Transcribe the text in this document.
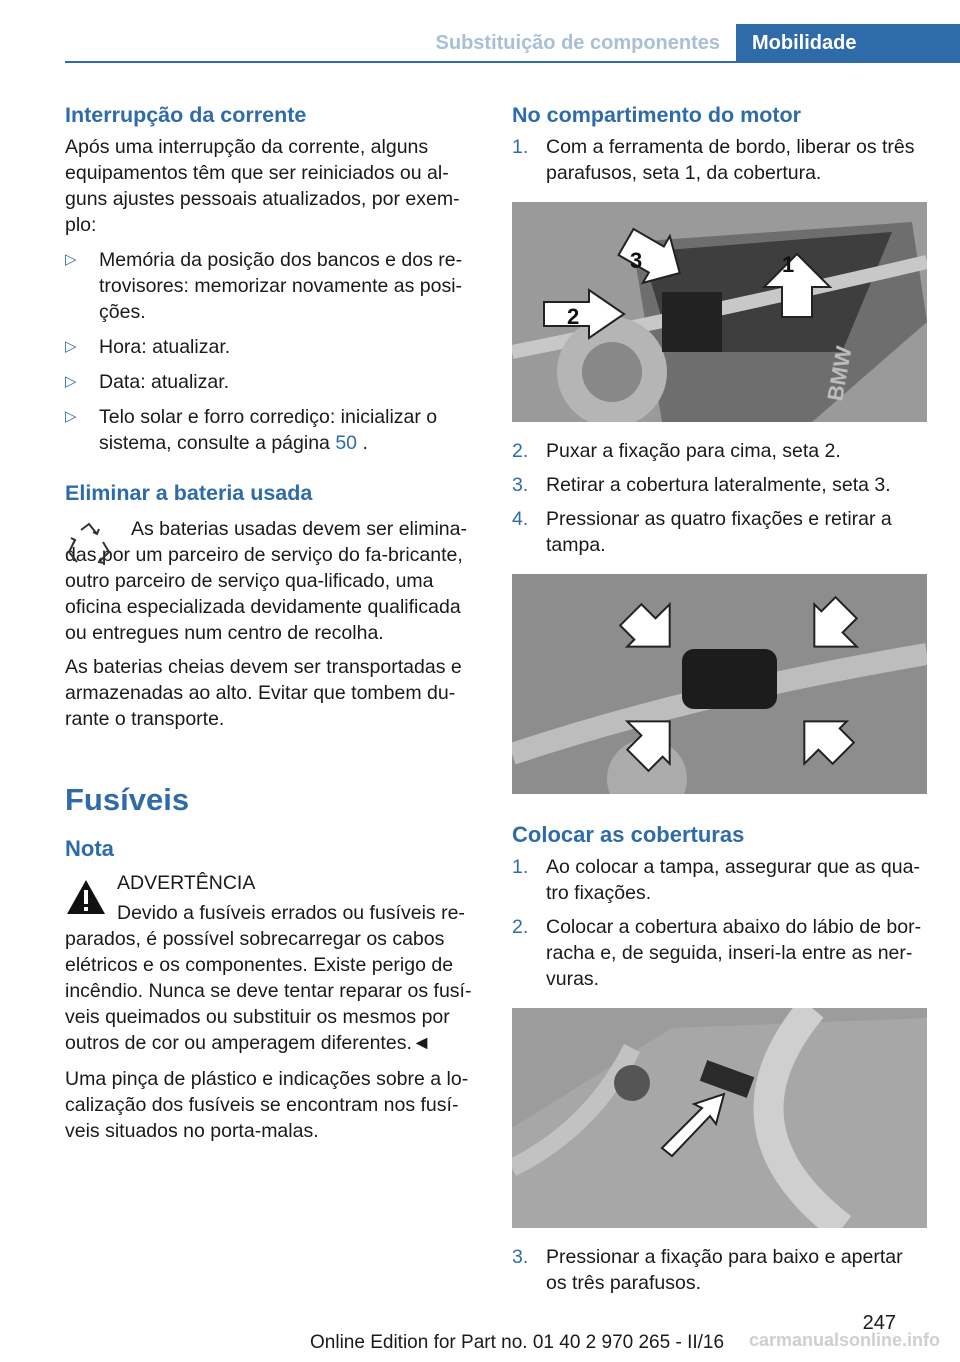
Substituição de componentes	Mobilidade
Interrupção da corrente

Após uma interrupção da corrente, alguns equipamentos têm que ser reiniciados ou al‐guns ajustes pessoais atualizados, por exem‐plo:

▷ Memória da posição dos bancos e dos re‐trovisores: memorizar novamente as posi‐ções.
▷ Hora: atualizar.
▷ Data: atualizar.
▷ Telo solar e forro corrediço: inicializar o sistema, consulte a página 50 .
Eliminar a bateria usada

As baterias usadas devem ser elimina‐das por um parceiro de serviço do fa‐bricante, outro parceiro de serviço qua‐lificado, uma oficina especializada devidamente qualificada ou entregues num centro de recolha.

As baterias cheias devem ser transportadas e armazenadas ao alto. Evitar que tombem du‐rante o transporte.

Fusíveis
Nota

ADVERTÊNCIA

Devido a fusíveis errados ou fusíveis re‐parados, é possível sobrecarregar os cabos elétricos e os componentes. Existe perigo de incêndio. Nunca se deve tentar reparar os fusí‐veis queimados ou substituir os mesmos por outros de cor ou amperagem diferentes.◄

Uma pinça de plástico e indicações sobre a lo‐calização dos fusíveis se encontram nos fusí‐veis situados no porta-malas.

No compartimento do motor
1. Com a ferramenta de bordo, liberar os três parafusos, seta 1, da cobertura.
1
2
3
BMW
2. Puxar a fixação para cima, seta 2.
3. Retirar a cobertura lateralmente, seta 3.
4. Pressionar as quatro fixações e retirar a tampa.
Colocar as coberturas
1. Ao colocar a tampa, assegurar que as qua‐tro fixações.
2. Colocar a cobertura abaixo do lábio de bor‐racha e, de seguida, inseri-la entre as ner‐vuras.
3. Pressionar a fixação para baixo e apertar os três parafusos.
247
Online Edition for Part no. 01 40 2 970 265 - II/16 carmanualsonline.info
